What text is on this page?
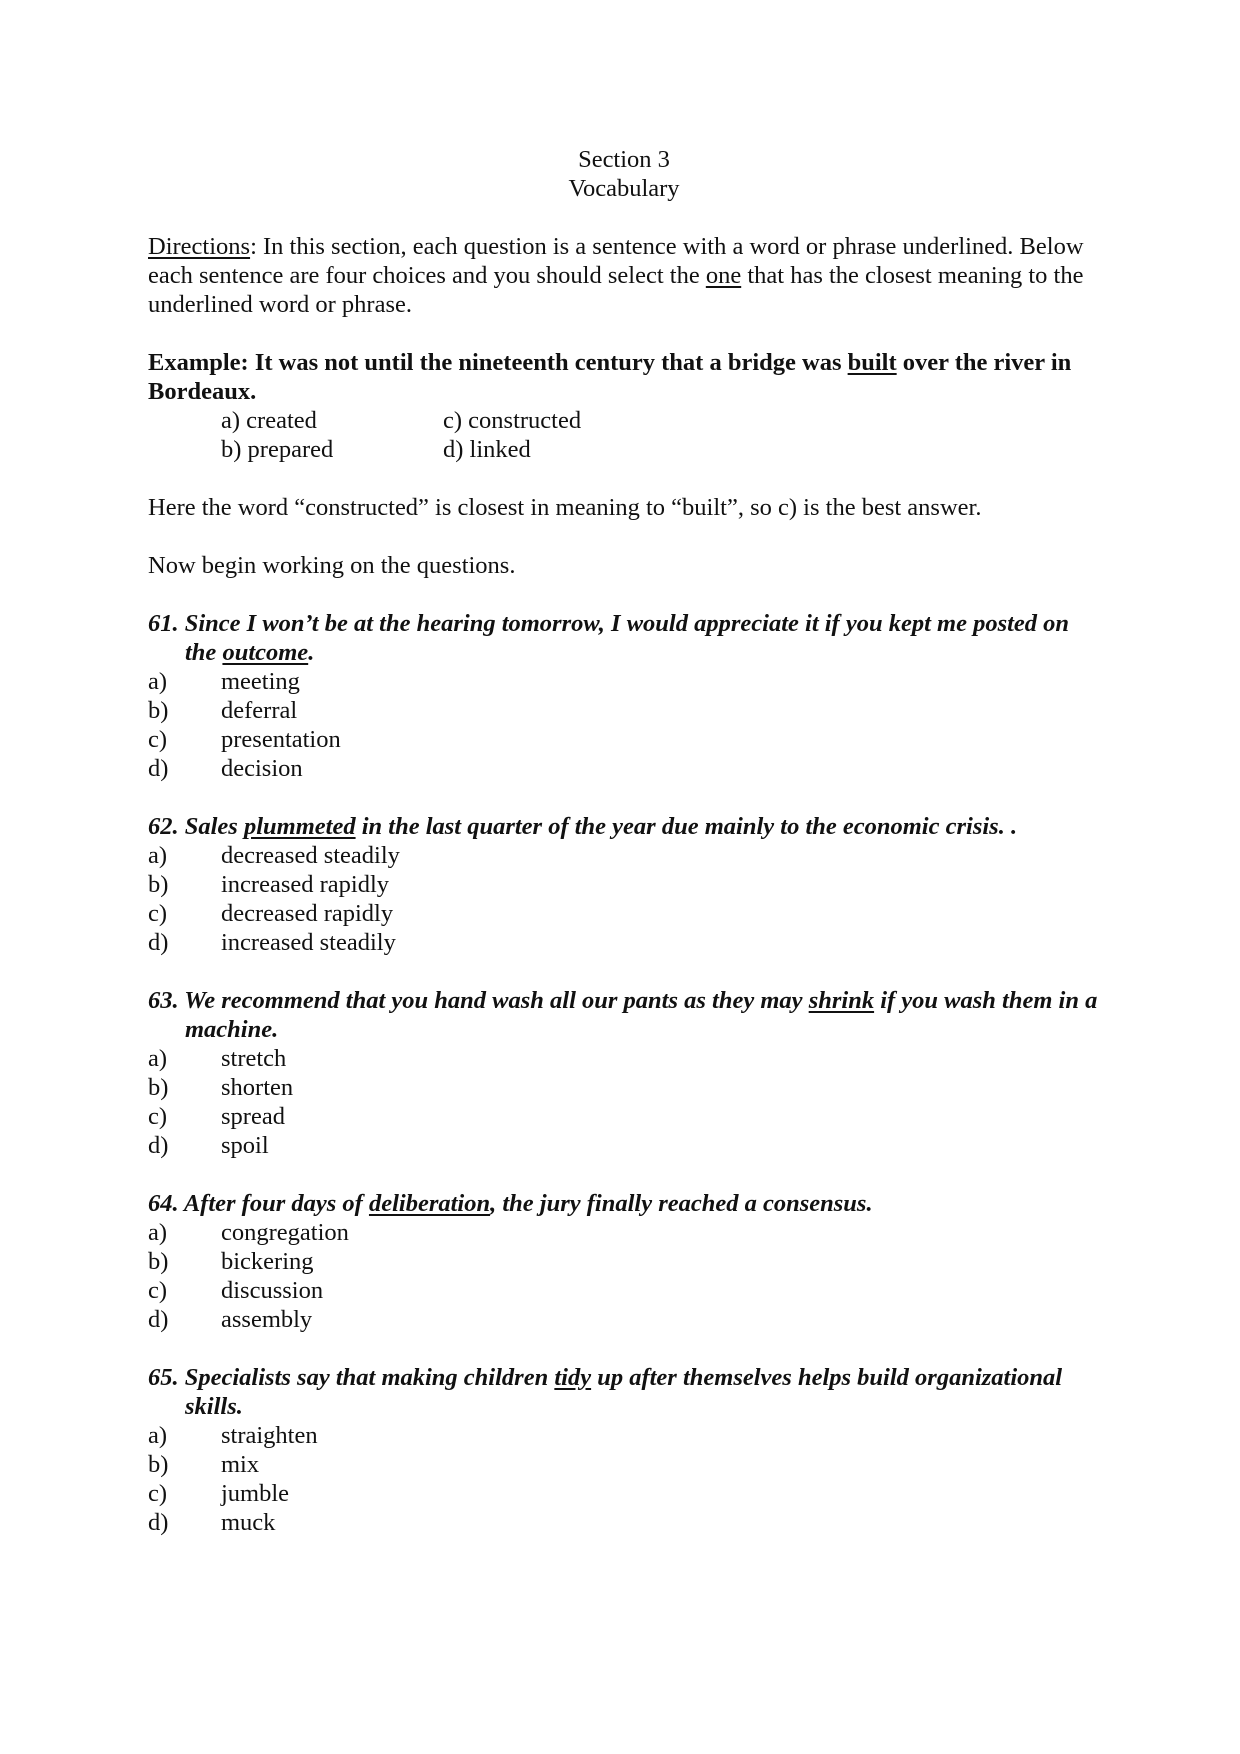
Section 3
Vocabulary
Directions: In this section, each question is a sentence with a word or phrase underlined. Below each sentence are four choices and you should select the one that has the closest meaning to the underlined word or phrase.
Example: It was not until the nineteenth century that a bridge was built over the river in Bordeaux.
a) created	c) constructed
b) prepared	d) linked
Here the word “constructed” is closest in meaning to “built”, so c) is the best answer.
Now begin working on the questions.
61. Since I won’t be at the hearing tomorrow, I would appreciate it if you kept me posted on the outcome.
a)	meeting
b)	deferral
c)	presentation
d)	decision
62. Sales plummeted in the last quarter of the year due mainly to the economic crisis. .
a)	decreased steadily
b)	increased rapidly
c)	decreased rapidly
d)	increased steadily
63. We recommend that you hand wash all our pants as they may shrink if you wash them in a machine.
a)	stretch
b)	shorten
c)	spread
d)	spoil
64. After four days of deliberation, the jury finally reached a consensus.
a)	congregation
b)	bickering
c)	discussion
d)	assembly
65. Specialists say that making children tidy up after themselves helps build organizational skills.
a)	straighten
b)	mix
c)	jumble
d)	muck
